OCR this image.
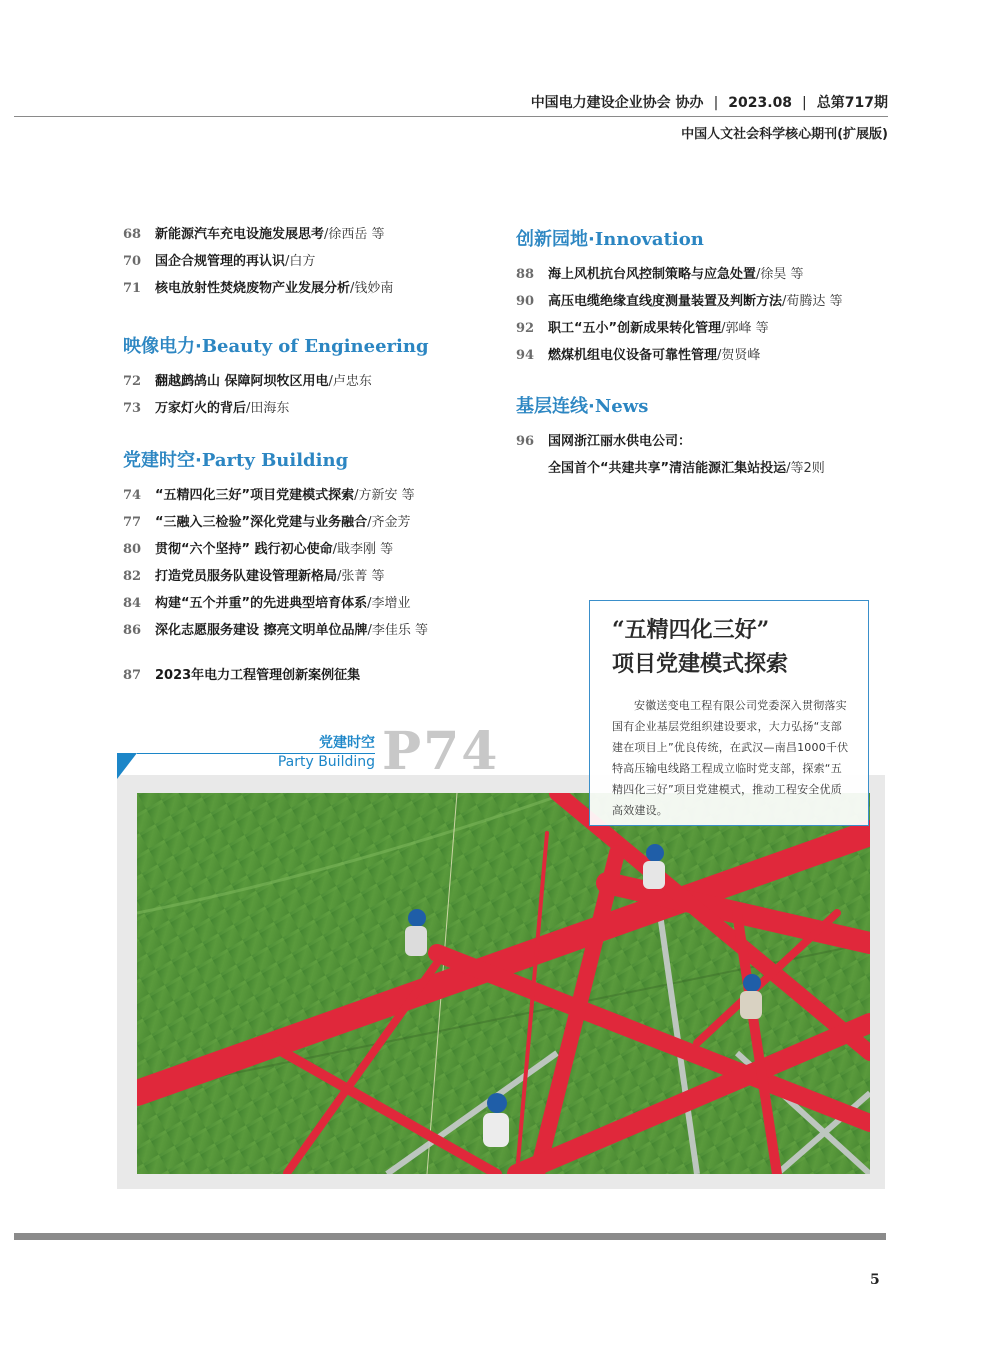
中国电力建设企业协会 协办 | 2023.08 | 总第717期
中国人文社会科学核心期刊(扩展版)
68 新能源汽车充电设施发展思考/徐西岳 等
70 国企合规管理的再认识/白方
71 核电放射性焚烧废物产业发展分析/钱妙南
映像电力·Beauty of Engineering
72 翻越鹧鸪山 保障阿坝牧区用电/卢忠东
73 万家灯火的背后/田海东
党建时空·Party Building
74 “五精四化三好”项目党建模式探索/方新安 等
77 “三融入三检验”深化党建与业务融合/齐金芳
80 贯彻“六个坚持” 践行初心使命/戢李刚 等
82 打造党员服务队建设管理新格局/张菁 等
84 构建“五个并重”的先进典型培育体系/李增业
86 深化志愿服务建设 擦亮文明单位品牌/李佳乐 等
87 2023年电力工程管理创新案例征集
创新园地·Innovation
88 海上风机抗台风控制策略与应急处置/徐昊 等
90 高压电缆绝缘直线度测量装置及判断方法/荀腾达 等
92 职工“五小”创新成果转化管理/郭峰 等
94 燃煤机组电仪设备可靠性管理/贺贤峰
基层连线·News
96 国网浙江丽水供电公司：
全国首个“共建共享”清洁能源汇集站投运/等2则
党建时空
Party Building P74
“五精四化三好”
项目党建模式探索
安徽送变电工程有限公司党委深入贯彻落实国有企业基层党组织建设要求，大力弘扬“支部建在项目上”优良传统，在武汉—南昌1000千伏特高压输电线路工程成立临时党支部，探索“五精四化三好”项目党建模式，推动工程安全优质高效建设。
5
